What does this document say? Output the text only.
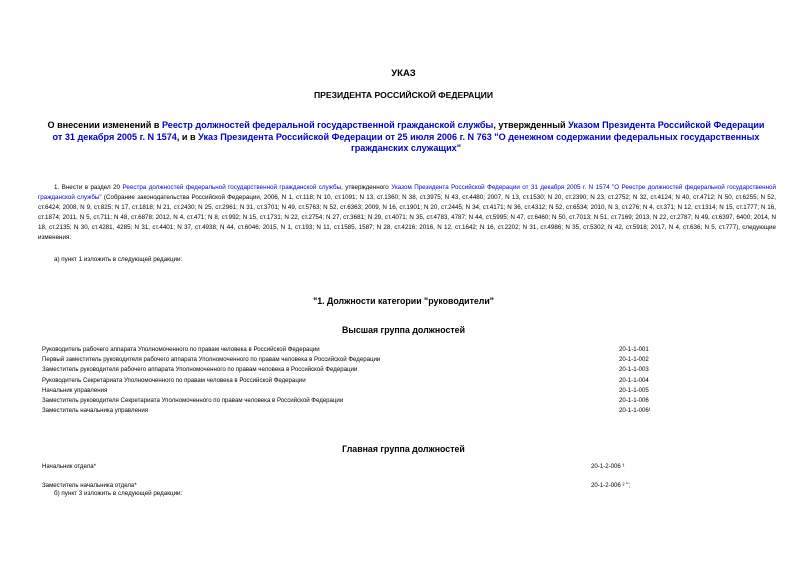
УКАЗ
ПРЕЗИДЕНТА РОССИЙСКОЙ ФЕДЕРАЦИИ
О внесении изменений в Реестр должностей федеральной государственной гражданской службы, утвержденный Указом Президента Российской Федерации от 31 декабря 2005 г. N 1574, и в Указ Президента Российской Федерации от 25 июля 2006 г. N 763 "О денежном содержании федеральных государственных гражданских служащих"
1. Внести в раздел 20 Реестра должностей федеральной государственной гражданской службы, утвержденного Указом Президента Российской Федерации от 31 декабря 2005 г. N 1574 "О Реестре должностей федеральной государственной гражданской службы" (Собрание законодательства Российской Федерации, 2006, N 1, ст.118; N 10, ст.1091; N 13, ст.1360; N 38, ст.3975; N 43, ст.4480; 2007, N 13, ст.1530; N 20, ст.2390; N 23, ст.2752; N 32, ст.4124; N 40, ст.4712; N 50, ст.6255; N 52, ст.6424; 2008, N 9, ст.825; N 17, ст.1818; N 21, ст.2430; N 25, ст.2961; N 31, ст.3701; N 49, ст.5763; N 52, ст.6363; 2009, N 16, ст.1901; N 20, ст.2445; N 34, ст.4171; N 36, ст.4312; N 52, ст.6534; 2010, N 3, ст.276; N 4, ст.371; N 12, ст.1314; N 15, ст.1777; N 16, ст.1874; 2011, N 5, ст.711; N 48, ст.6878; 2012, N 4, ст.471; N 8, ст.992; N 15, ст.1731; N 22, ст.2754; N 27, ст.3681; N 29, ст.4071; N 35, ст.4783, 4787; N 44, ст.5995; N 47, ст.6460; N 50, ст.7013; N 51, ст.7169; 2013, N 22, ст.2787; N 49, ст.6397, 6400; 2014, N 18, ст.2135; N 30, ст.4281, 4285; N 31, ст.4401; N 37, ст.4938; N 44, ст.6046; 2015, N 1, ст.193; N 11, ст.1585, 1587; N 28, ст.4216; 2016, N 12, ст.1642; N 16, ст.2202; N 31, ст.4986; N 35, ст.5302; N 42, ст.5918; 2017, N 4, ст.636; N 5, ст.777), следующие изменения:
а) пункт 1 изложить в следующей редакции:
"1. Должности категории "руководители"
Высшая группа должностей
Руководитель рабочего аппарата Уполномоченного по правам человека в Российской Федерации	20-1-1-001
Первый заместитель руководителя рабочего аппарата Уполномоченного по правам человека в Российской Федерации	20-1-1-002
Заместитель руководителя рабочего аппарата Уполномоченного по правам человека в Российской Федерации	20-1-1-003
Руководитель Секретариата Уполномоченного по правам человека в Российской Федерации	20-1-1-004
Начальник управления	20-1-1-005
Заместитель руководителя Секретариата Уполномоченного по правам человека в Российской Федерации	20-1-1-006
Заместитель начальника управления	20-1-1-006¹
Главная группа должностей
Начальник отдела*	20-1-2-006 ¹
Заместитель начальника отдела*	20-1-2-006 ² ";
б) пункт 3 изложить в следующей редакции:
